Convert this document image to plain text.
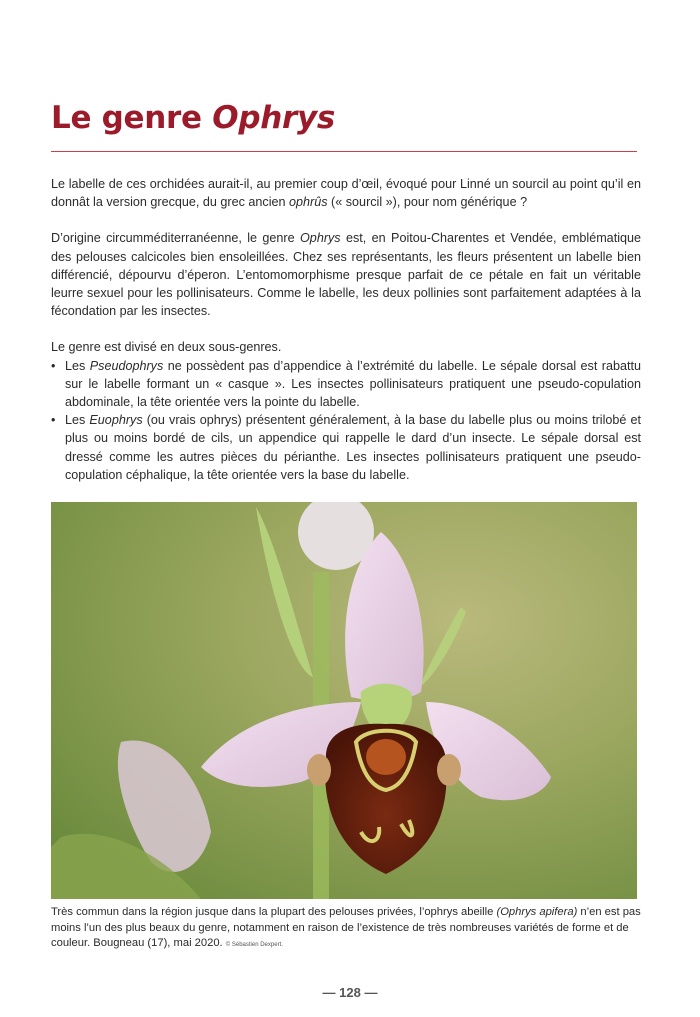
Le genre Ophrys

Le labelle de ces orchidées aurait-il, au premier coup d’œil, évoqué pour Linné un sourcil au point qu’il en donnât la version grecque, du grec ancien ophrûs (« sourcil »), pour nom générique ?

D’origine circumméditerranéenne, le genre Ophrys est, en Poitou-Charentes et Vendée, emblématique des pelouses calcicoles bien ensoleillées. Chez ses représentants, les fleurs présentent un labelle bien différencié, dépourvu d’éperon. L’entomomorphisme presque parfait de ce pétale en fait un véritable leurre sexuel pour les pollinisateurs. Comme le labelle, les deux pollinies sont parfaitement adaptées à la fécondation par les insectes.

Le genre est divisé en deux sous-genres.
• Les Pseudophrys ne possèdent pas d’appendice à l’extrémité du labelle. Le sépale dorsal est rabattu sur le labelle formant un « casque ». Les insectes pollinisateurs pratiquent une pseudo-copulation abdominale, la tête orientée vers la pointe du labelle.
• Les Euophrys (ou vrais ophrys) présentent généralement, à la base du labelle plus ou moins trilobé et plus ou moins bordé de cils, un appendice qui rappelle le dard d’un insecte. Le sépale dorsal est dressé comme les autres pièces du périanthe. Les insectes pollinisateurs pratiquent une pseudo-copulation céphalique, la tête orientée vers la base du labelle.
Très commun dans la région jusque dans la plupart des pelouses privées, l’ophrys abeille (Ophrys apifera) n’en est pas moins l’un des plus beaux du genre, notamment en raison de l’existence de très nombreuses variétés de forme et de couleur. Bougneau (17), mai 2020. © Sébastien Dexpert.
— 128 —
